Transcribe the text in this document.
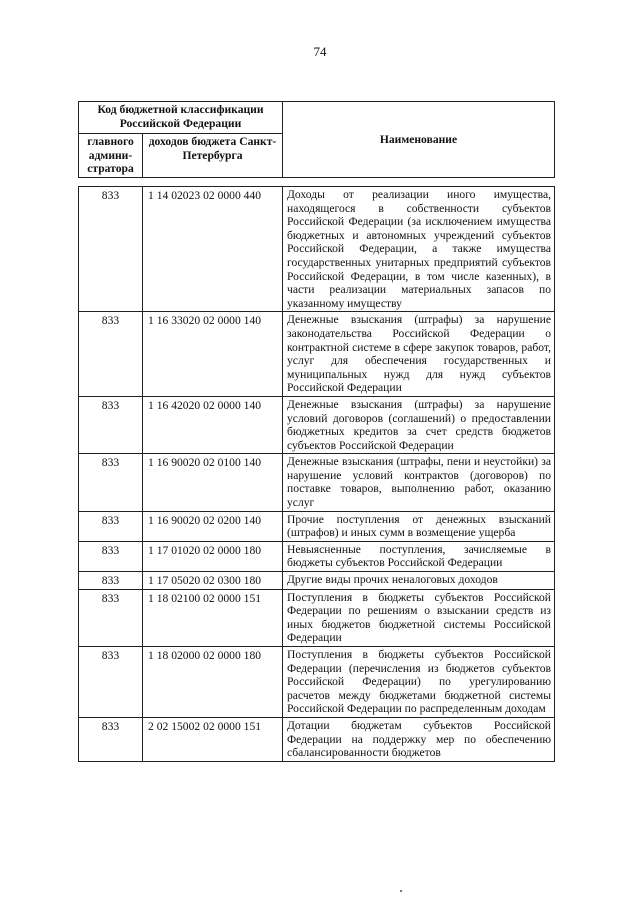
74
Код бюджетной классификации Российской Федерации		Наименование
главного админи-стратора	доходов бюджета Санкт-Петербурга	
833	1 14 02023 02 0000 440	Доходы от реализации иного имущества, находящегося в собственности субъектов Российской Федерации (за исключением имущества бюджетных и автономных учреждений субъектов Российской Федерации, а также имущества государственных унитарных предприятий субъектов Российской Федерации, в том числе казенных), в части реализации материальных запасов по указанному имуществу
833	1 16 33020 02 0000 140	Денежные взыскания (штрафы) за нарушение законодательства Российской Федерации о контрактной системе в сфере закупок товаров, работ, услуг для обеспечения государственных и муниципальных нужд для нужд субъектов Российской Федерации
833	1 16 42020 02 0000 140	Денежные взыскания (штрафы) за нарушение условий договоров (соглашений) о предоставлении бюджетных кредитов за счет средств бюджетов субъектов Российской Федерации
833	1 16 90020 02 0100 140	Денежные взыскания (штрафы, пени и неустойки) за нарушение условий контрактов (договоров) по поставке товаров, выполнению работ, оказанию услуг
833	1 16 90020 02 0200 140	Прочие поступления от денежных взысканий (штрафов) и иных сумм в возмещение ущерба
833	1 17 01020 02 0000 180	Невыясненные поступления, зачисляемые в бюджеты субъектов Российской Федерации
833	1 17 05020 02 0300 180	Другие виды прочих неналоговых доходов
833	1 18 02100 02 0000 151	Поступления в бюджеты субъектов Российской Федерации по решениям о взыскании средств из иных бюджетов бюджетной системы Российской Федерации
833	1 18 02000 02 0000 180	Поступления в бюджеты субъектов Российской Федерации (перечисления из бюджетов субъектов Российской Федерации) по урегулированию расчетов между бюджетами бюджетной системы Российской Федерации по распределенным доходам
833	2 02 15002 02 0000 151	Дотации бюджетам субъектов Российской Федерации на поддержку мер по обеспечению сбалансированности бюджетов
